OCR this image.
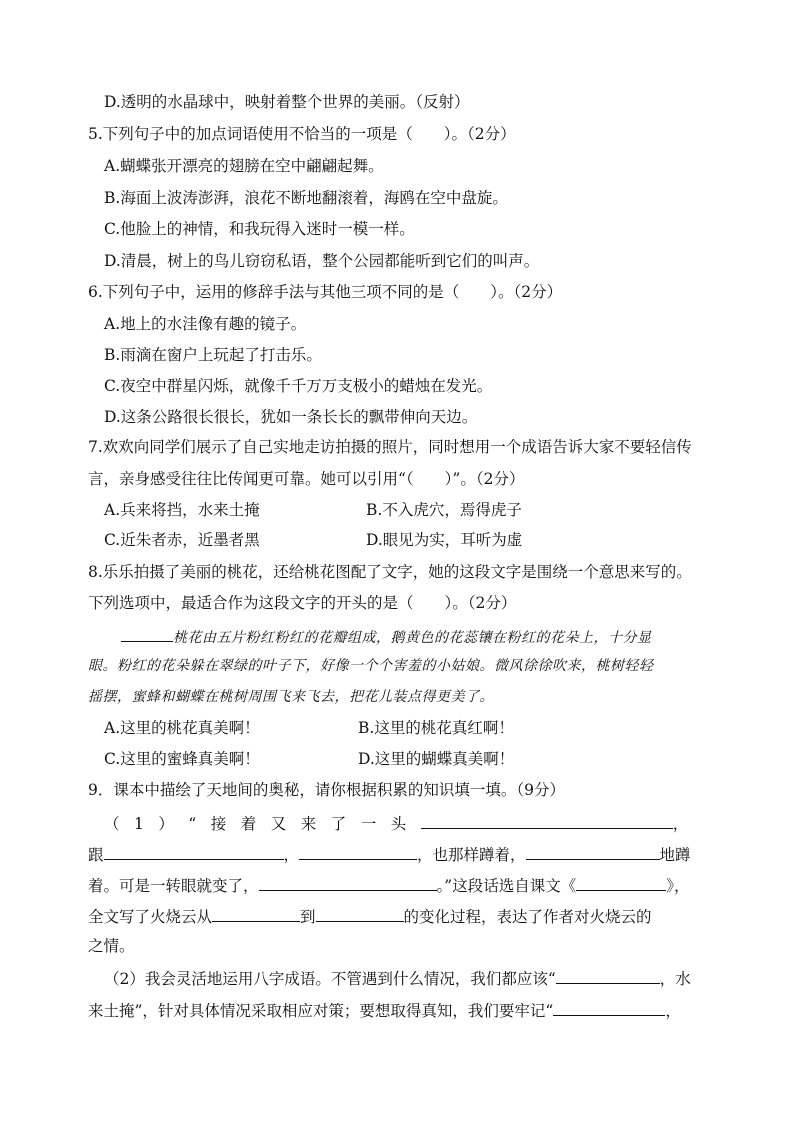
D.透明的水晶球中，映射着整个世界的美丽。（反射）
5.下列句子中的加点词语使用不恰当的一项是（　　）。（2分）
A.蝴蝶张开漂亮的翅膀在空中翩翩起舞。
B.海面上波涛澎湃，浪花不断地翻滚着，海鸥在空中盘旋。
C.他脸上的神情，和我玩得入迷时一模一样。
D.清晨，树上的鸟儿窃窃私语，整个公园都能听到它们的叫声。
6.下列句子中，运用的修辞手法与其他三项不同的是（　　）。（2分）
A.地上的水洼像有趣的镜子。
B.雨滴在窗户上玩起了打击乐。
C.夜空中群星闪烁，就像千千万万支极小的蜡烛在发光。
D.这条公路很长很长，犹如一条长长的飘带伸向天边。
7.欢欢向同学们展示了自己实地走访拍摄的照片，同时想用一个成语告诉大家不要轻信传
言，亲身感受往往比传闻更可靠。她可以引用“（　　）”。（2分）
A.兵来将挡，水来土掩	B.不入虎穴，焉得虎子
C.近朱者赤，近墨者黑	D.眼见为实，耳听为虚
8.乐乐拍摄了美丽的桃花，还给桃花图配了文字，她的这段文字是围绕一个意思来写的。
下列选项中，最适合作为这段文字的开头的是（　　）。（2分）
桃花由五片粉红粉红的花瓣组成，鹅黄色的花蕊镶在粉红的花朵上，十分显
眼。粉红的花朵躲在翠绿的叶子下，好像一个个害羞的小姑娘。微风徐徐吹来，桃树轻轻
摇摆，蜜蜂和蝴蝶在桃树周围飞来飞去，把花儿装点得更美了。
A.这里的桃花真美啊！	B.这里的桃花真红啊！
C.这里的蜜蜂真美啊！	D.这里的蝴蝶真美啊！
9．课本中描绘了天地间的奥秘，请你根据积累的知识填一填。（9分）
（1）“接着又来了一头	，
跟	，	，也那样蹲着，	地蹲
着。可是一转眼就变了，	。”这段话选自课文《	》，
全文写了火烧云从	到	的变化过程，表达了作者对火烧云的
之情。
（2）我会灵活地运用八字成语。不管遇到什么情况，我们都应该“	，水
来土掩”，针对具体情况采取相应对策；要想取得真知，我们要牢记“	，
